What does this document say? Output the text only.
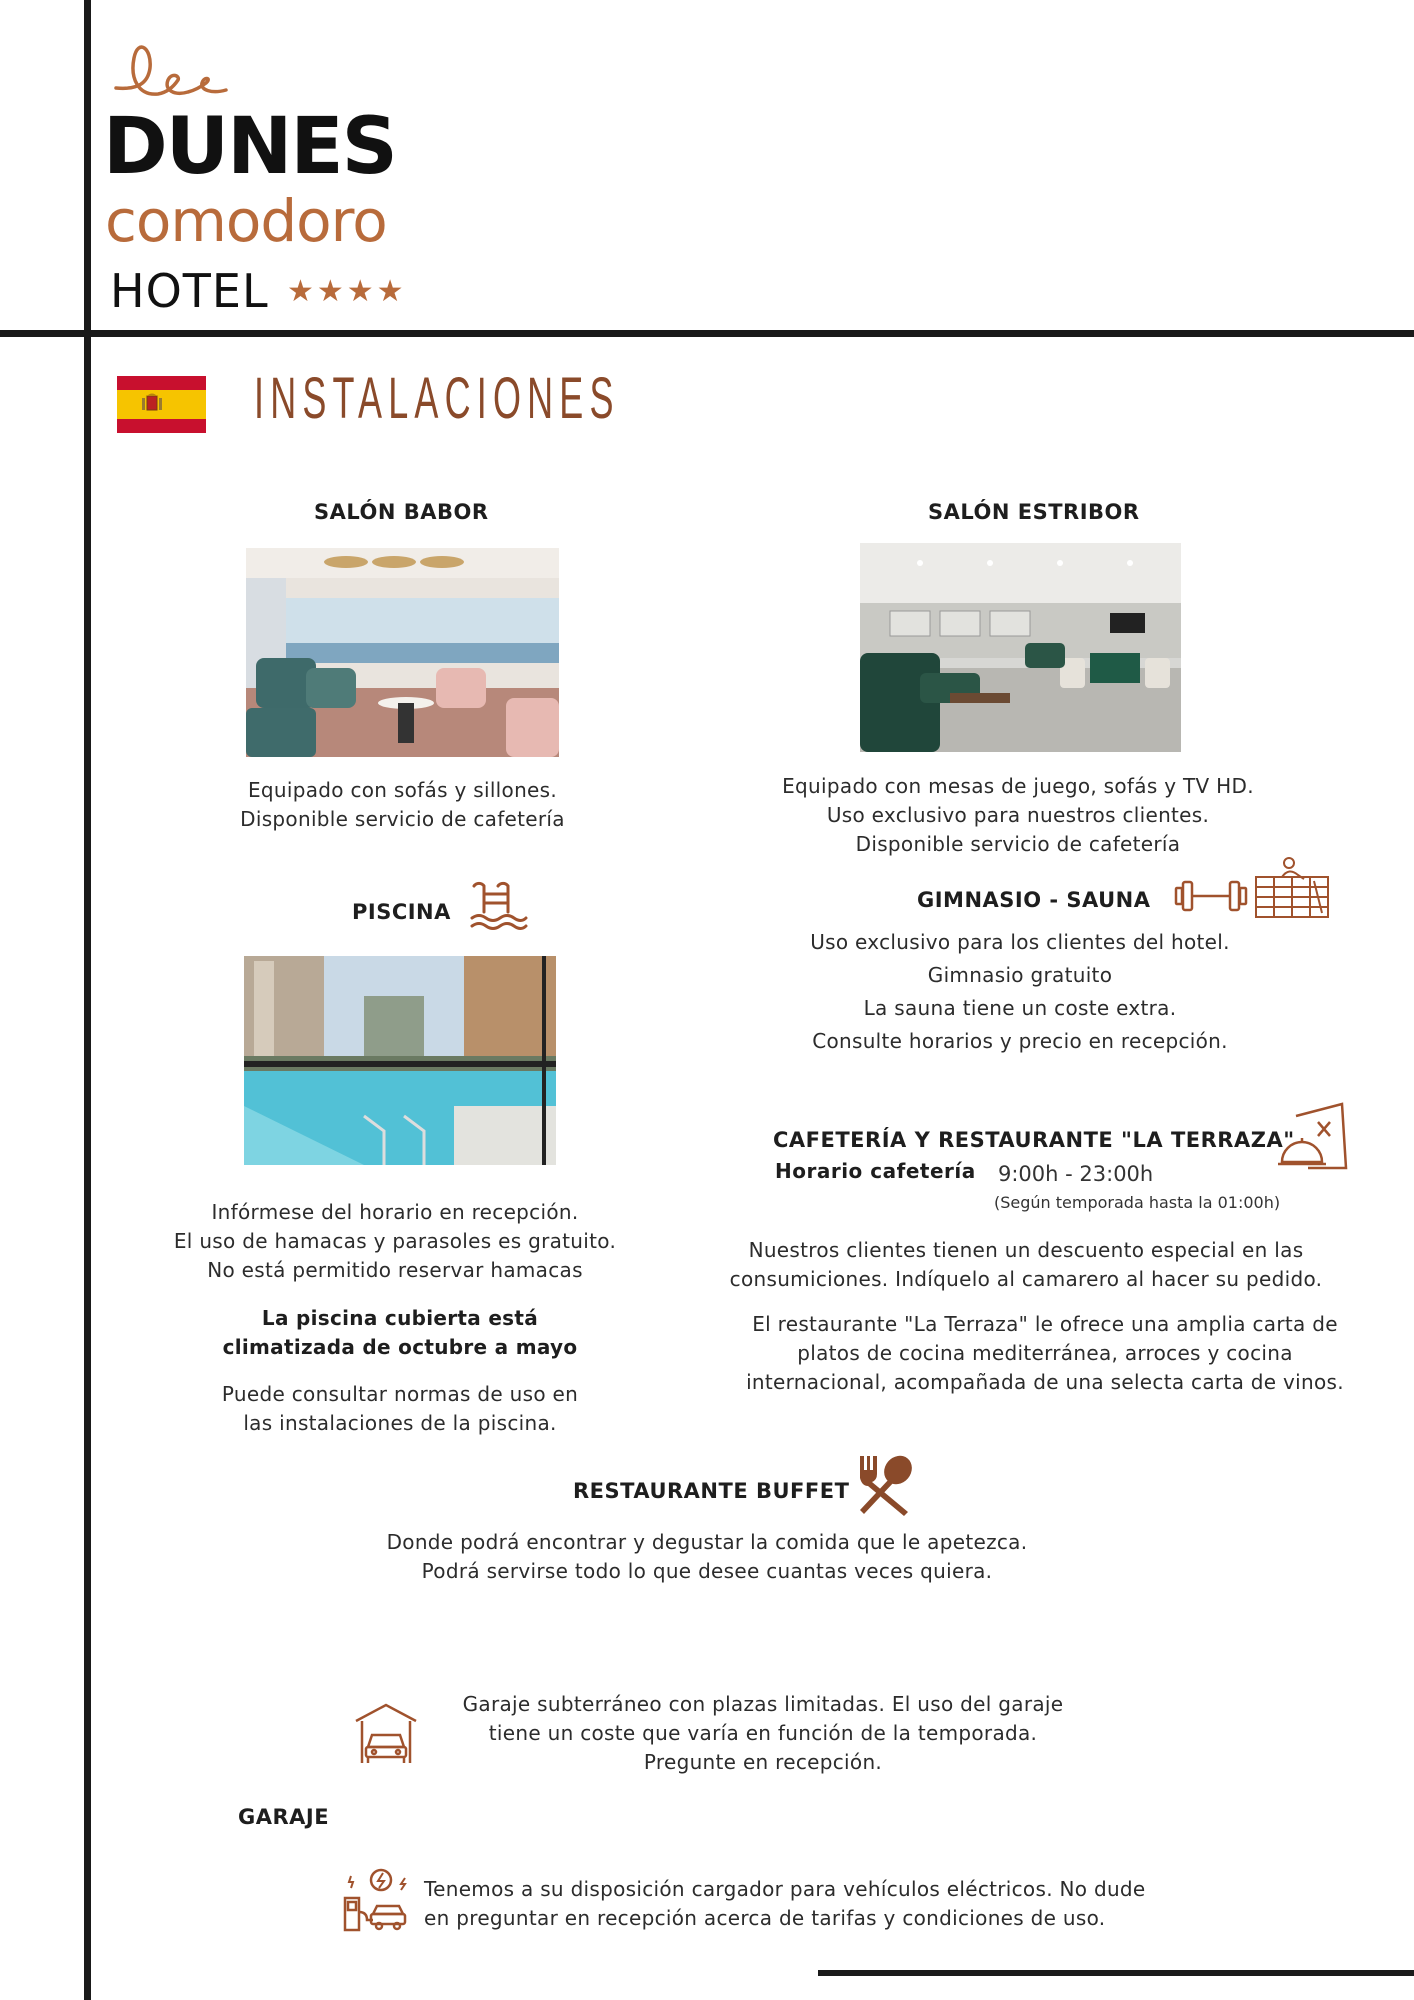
DUNES
comodoro
HOTEL ★★★★
INSTALACIONES
SALÓN BABOR
Equipado con sofás y sillones.
Disponible servicio de cafetería
SALÓN ESTRIBOR
Equipado con mesas de juego, sofás y TV HD.
Uso exclusivo para nuestros clientes.
Disponible servicio de cafetería
PISCINA
Infórmese del horario en recepción.
El uso de hamacas y parasoles es gratuito.
No está permitido reservar hamacas
La piscina cubierta está
climatizada de octubre a mayo
Puede consultar normas de uso en
las instalaciones de la piscina.
GIMNASIO - SAUNA
Uso exclusivo para los clientes del hotel.
Gimnasio gratuito
La sauna tiene un coste extra.
Consulte horarios y precio en recepción.
CAFETERÍA Y RESTAURANTE "LA TERRAZA"
Horario cafetería 9:00h - 23:00h
(Según temporada hasta la 01:00h)
Nuestros clientes tienen un descuento especial en las
consumiciones. Indíquelo al camarero al hacer su pedido.
El restaurante "La Terraza" le ofrece una amplia carta de
platos de cocina mediterránea, arroces y cocina
internacional, acompañada de una selecta carta de vinos.
RESTAURANTE BUFFET
Donde podrá encontrar y degustar la comida que le apetezca.
Podrá servirse todo lo que desee cuantas veces quiera.
Garaje subterráneo con plazas limitadas. El uso del garaje
tiene un coste que varía en función de la temporada.
Pregunte en recepción.
GARAJE
Tenemos a su disposición cargador para vehículos eléctricos. No dude
en preguntar en recepción acerca de tarifas y condiciones de uso.
